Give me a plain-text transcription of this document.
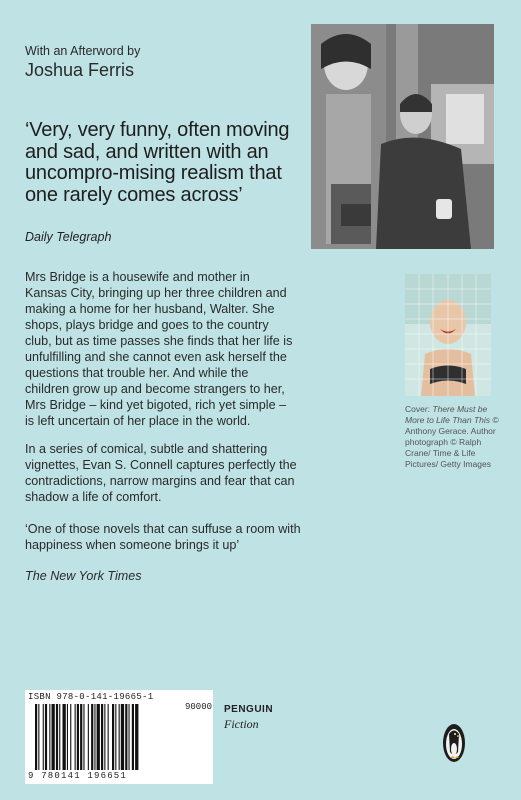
With an Afterword by
Joshua Ferris
‘Very, very funny, often moving and sad, and written with an uncompro-mising realism that one rarely comes across’
Daily Telegraph
Mrs Bridge is a housewife and mother in Kansas City, bringing up her three children and making a home for her husband, Walter. She shops, plays bridge and goes to the country club, but as time passes she finds that her life is unfulfilling and she cannot even ask herself the questions that trouble her. And while the children grow up and become strangers to her, Mrs Bridge – kind yet bigoted, rich yet simple – is left uncertain of her place in the world.
In a series of comical, subtle and shattering vignettes, Evan S. Connell captures perfectly the contradictions, narrow margins and fear that can shadow a life of comfort.
‘One of those novels that can suffuse a room with happiness when someone brings it up’
The New York Times
Cover: There Must be More to Life Than This © Anthony Gerace. Author photograph © Ralph Crane/ Time & Life Pictures/ Getty Images
ISBN 978-0-141-19665-1
90000
9 780141 196651
PENGUIN
Fiction
